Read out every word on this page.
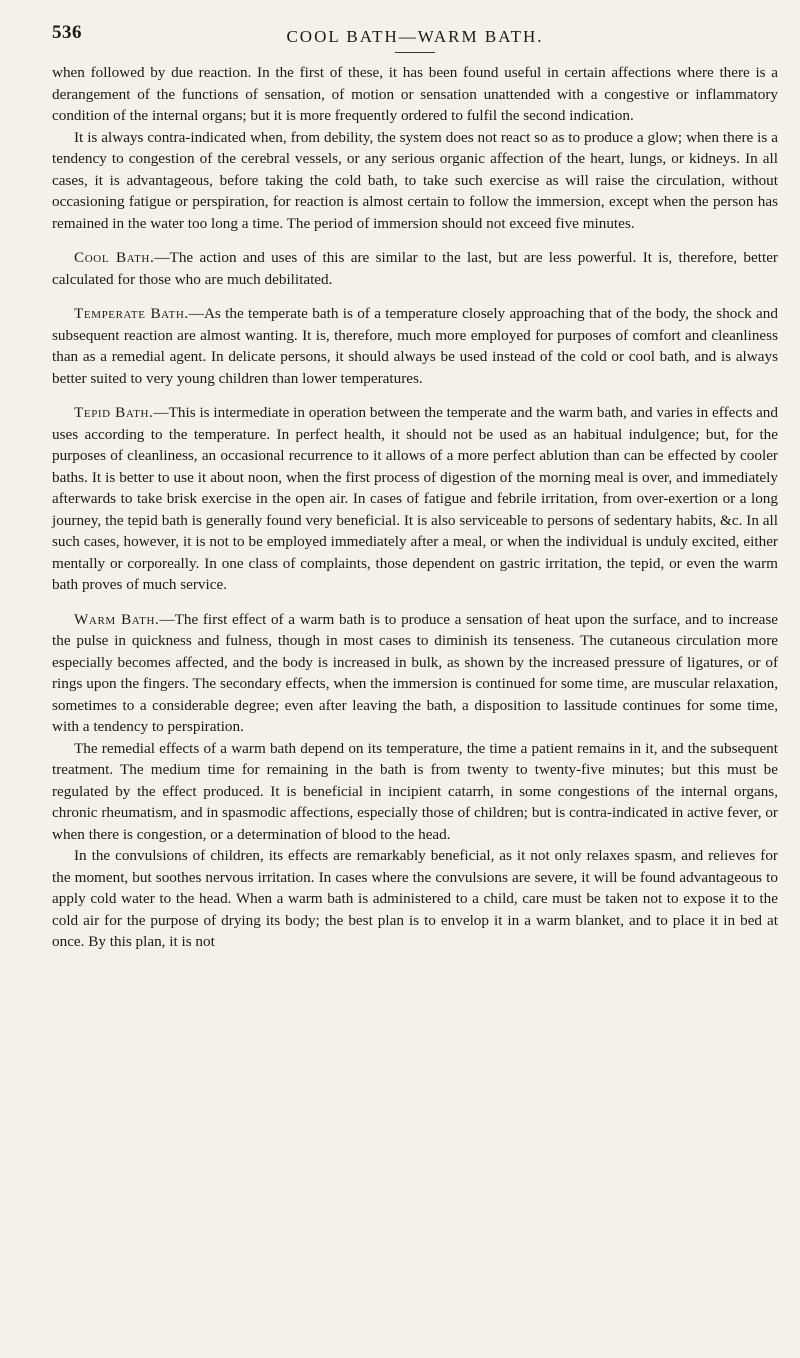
536	COOL BATH—WARM BATH.

when followed by due reaction. In the first of these, it has been found useful in certain affections where there is a derangement of the functions of sensation, of motion or sensation unattended with a congestive or inflammatory condition of the internal organs; but it is more frequently ordered to fulfil the second indication.

It is always contra-indicated when, from debility, the system does not react so as to produce a glow; when there is a tendency to congestion of the cerebral vessels, or any serious organic affection of the heart, lungs, or kidneys. In all cases, it is advantageous, before taking the cold bath, to take such exercise as will raise the circulation, without occasioning fatigue or perspiration, for reaction is almost certain to follow the immersion, except when the person has remained in the water too long a time. The period of immersion should not exceed five minutes.

Cool Bath.—The action and uses of this are similar to the last, but are less powerful. It is, therefore, better calculated for those who are much debilitated.

Temperate Bath.—As the temperate bath is of a temperature closely approaching that of the body, the shock and subsequent reaction are almost wanting. It is, therefore, much more employed for purposes of comfort and cleanliness than as a remedial agent. In delicate persons, it should always be used instead of the cold or cool bath, and is always better suited to very young children than lower temperatures.

Tepid Bath.—This is intermediate in operation between the temperate and the warm bath, and varies in effects and uses according to the temperature. In perfect health, it should not be used as an habitual indulgence; but, for the purposes of cleanliness, an occasional recurrence to it allows of a more perfect ablution than can be effected by cooler baths. It is better to use it about noon, when the first process of digestion of the morning meal is over, and immediately afterwards to take brisk exercise in the open air. In cases of fatigue and febrile irritation, from over-exertion or a long journey, the tepid bath is generally found very beneficial. It is also serviceable to persons of sedentary habits, &c. In all such cases, however, it is not to be employed immediately after a meal, or when the individual is unduly excited, either mentally or corporeally. In one class of complaints, those dependent on gastric irritation, the tepid, or even the warm bath proves of much service.

Warm Bath.—The first effect of a warm bath is to produce a sensation of heat upon the surface, and to increase the pulse in quickness and fulness, though in most cases to diminish its tenseness. The cutaneous circulation more especially becomes affected, and the body is increased in bulk, as shown by the increased pressure of ligatures, or of rings upon the fingers. The secondary effects, when the immersion is continued for some time, are muscular relaxation, sometimes to a considerable degree; even after leaving the bath, a disposition to lassitude continues for some time, with a tendency to perspiration.

The remedial effects of a warm bath depend on its temperature, the time a patient remains in it, and the subsequent treatment. The medium time for remaining in the bath is from twenty to twenty-five minutes; but this must be regulated by the effect produced. It is beneficial in incipient catarrh, in some congestions of the internal organs, chronic rheumatism, and in spasmodic affections, especially those of children; but is contra-indicated in active fever, or when there is congestion, or a determination of blood to the head.

In the convulsions of children, its effects are remarkably beneficial, as it not only relaxes spasm, and relieves for the moment, but soothes nervous irritation. In cases where the convulsions are severe, it will be found advantageous to apply cold water to the head. When a warm bath is administered to a child, care must be taken not to expose it to the cold air for the purpose of drying its body; the best plan is to envelop it in a warm blanket, and to place it in bed at once. By this plan, it is not
